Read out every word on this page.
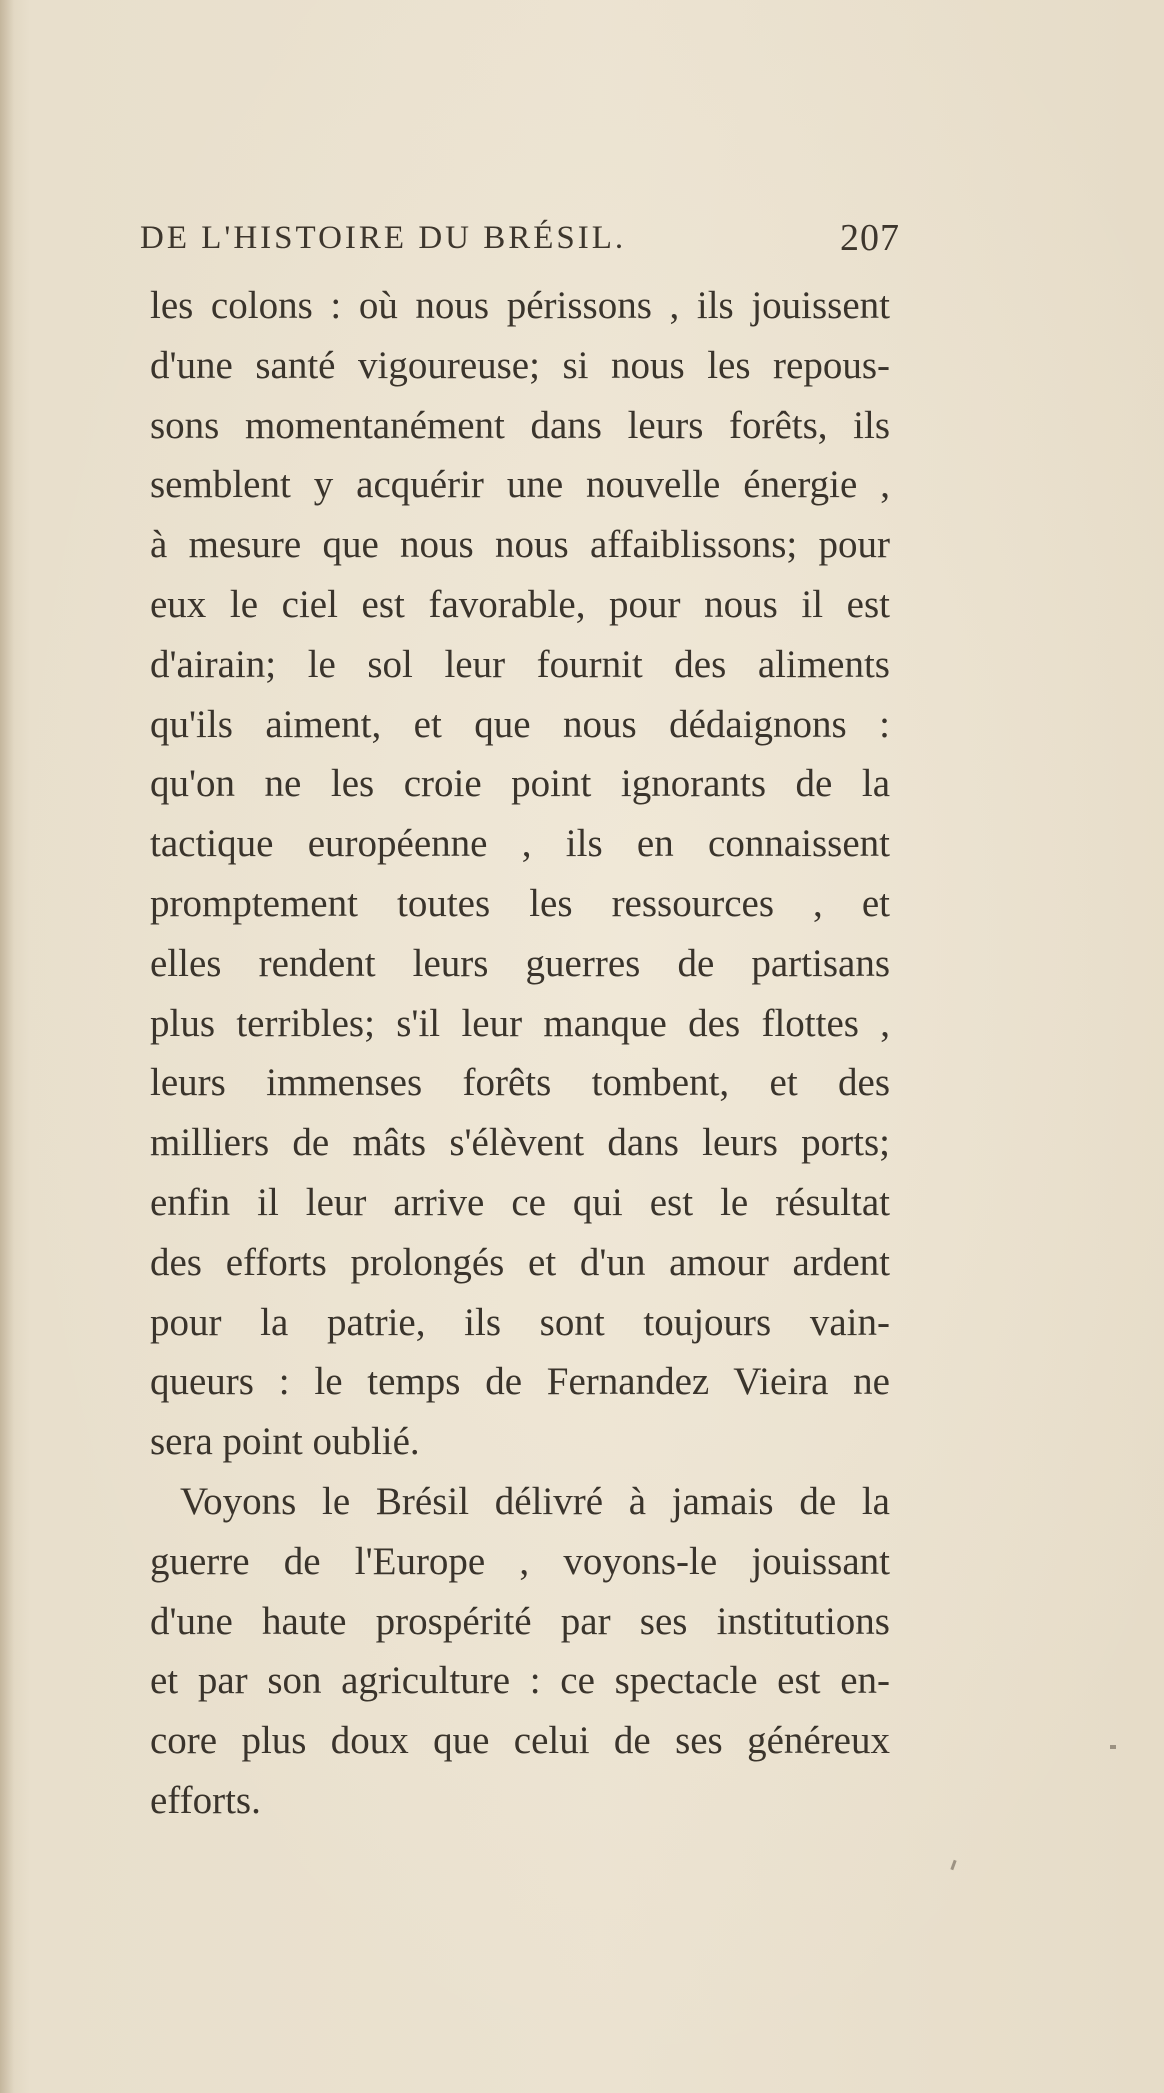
DE L'HISTOIRE DU BRÉSIL.	207
les colons : où nous périssons , ils jouissent
d'une santé vigoureuse; si nous les repous-
sons momentanément dans leurs forêts, ils
semblent y acquérir une nouvelle énergie ,
à mesure que nous nous affaiblissons; pour
eux le ciel est favorable, pour nous il est
d'airain; le sol leur fournit des aliments
qu'ils aiment, et que nous dédaignons :
qu'on ne les croie point ignorants de la
tactique européenne , ils en connaissent
promptement toutes les ressources , et
elles rendent leurs guerres de partisans
plus terribles; s'il leur manque des flottes ,
leurs immenses forêts tombent, et des
milliers de mâts s'élèvent dans leurs ports;
enfin il leur arrive ce qui est le résultat
des efforts prolongés et d'un amour ardent
pour la patrie, ils sont toujours vain-
queurs : le temps de Fernandez Vieira ne
sera point oublié.
Voyons le Brésil délivré à jamais de la
guerre de l'Europe , voyons-le jouissant
d'une haute prospérité par ses institutions
et par son agriculture : ce spectacle est en-
core plus doux que celui de ses généreux
efforts.
